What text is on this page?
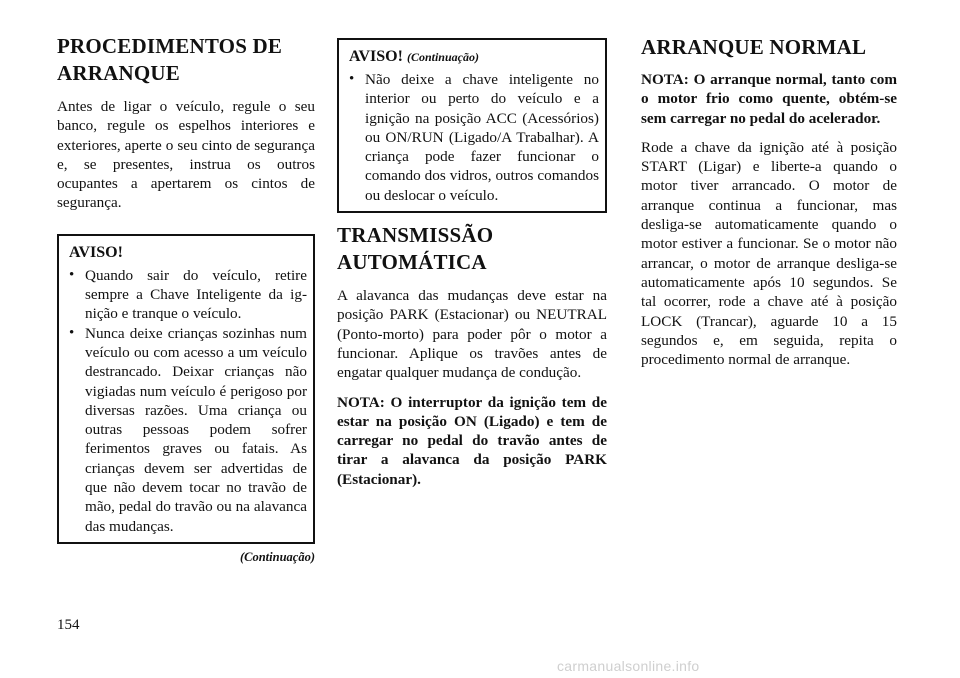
PROCEDIMENTOS DE

ARRANQUE

Antes de ligar o veículo, regule o seu banco, regule os espelhos interiores e exteriores, aperte o seu cinto de segurança e, se presentes, instrua os outros ocupantes a apertarem os cintos de segurança.

AVISO!

• Quando sair do veículo, retire sempre a Chave Inteligente da ignição e tranque o veículo.
• Nunca deixe crianças sozinhas num veículo ou com acesso a um veículo destrancado. Deixar crianças não vigiadas num veículo é perigoso por diversas razões. Uma criança ou outras pessoas podem sofrer ferimentos graves ou fatais. As crianças devem ser advertidas de que não devem tocar no travão de mão, pedal do travão ou na alavanca das mudanças.
(Continuação)

AVISO! (Continuação)

• Não deixe a chave inteligente no interior ou perto do veículo e a ignição na posição ACC (Acessórios) ou ON/RUN (Ligado/A Trabalhar). A criança pode fazer funcionar o comando dos vidros, outros comandos ou deslocar o veículo.

TRANSMISSÃO

AUTOMÁTICA

A alavanca das mudanças deve estar na posição PARK (Estacionar) ou NEUTRAL (Ponto-morto) para poder pôr o motor a funcionar. Aplique os travões antes de engatar qualquer mudança de condução.

NOTA: O interruptor da ignição tem de estar na posição ON (Ligado) e tem de carregar no pedal do travão antes de tirar a alavanca da posição PARK (Estacionar).

ARRANQUE NORMAL

NOTA: O arranque normal, tanto com o motor frio como quente, obtém-se sem carregar no pedal do acelerador.

Rode a chave da ignição até à posição START (Ligar) e liberte-a quando o motor tiver arrancado. O motor de arranque continua a funcionar, mas desliga-se automaticamente quando o motor estiver a funcionar. Se o motor não arrancar, o motor de arranque desliga-se automaticamente após 10 segundos. Se tal ocorrer, rode a chave até à posição LOCK (Trancar), aguarde 10 a 15 segundos e, em seguida, repita o procedimento normal de arranque.

154
carmanualsonline.info
